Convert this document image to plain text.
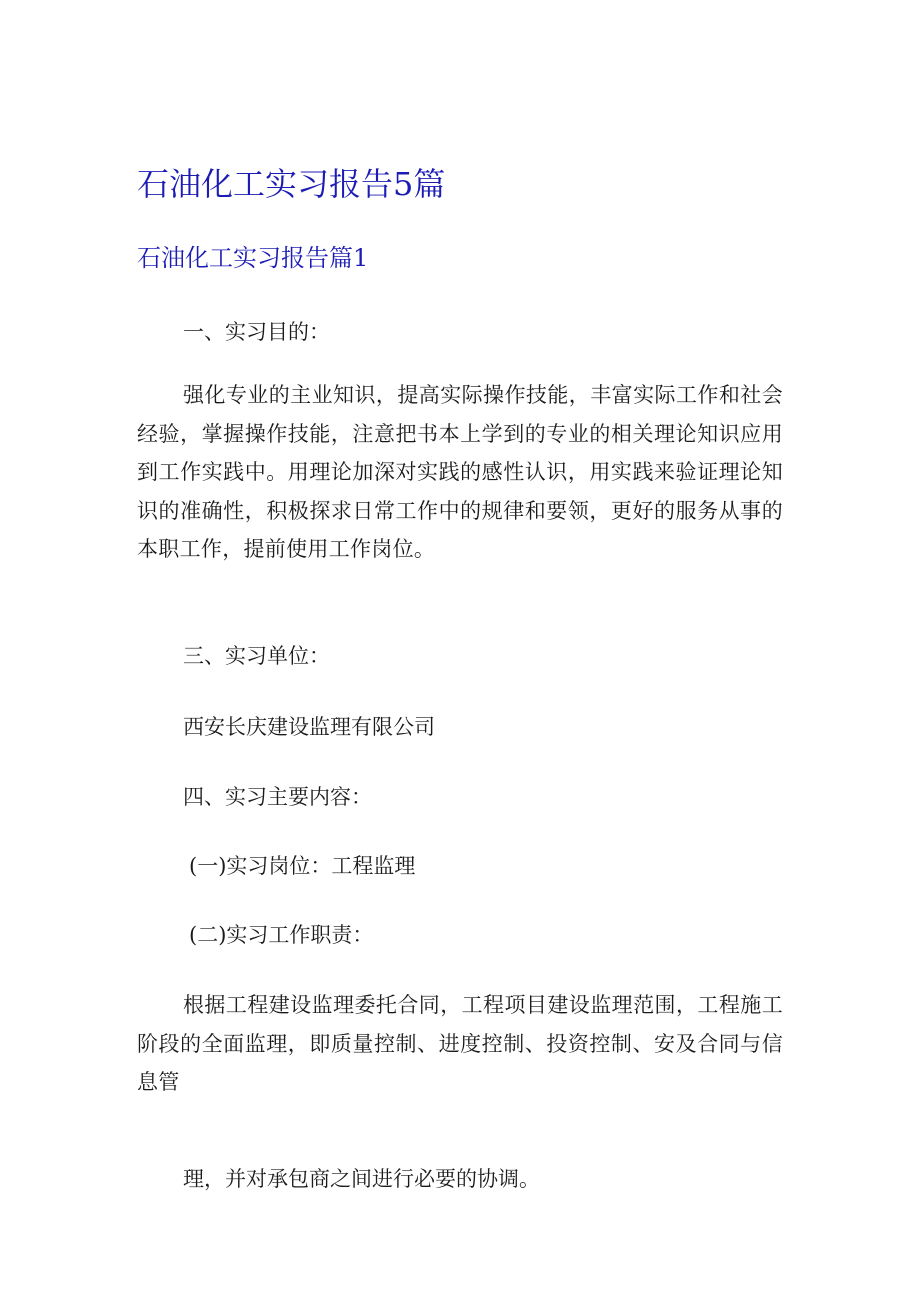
石油化工实习报告5篇
石油化工实习报告篇1
一、实习目的：
强化专业的主业知识，提高实际操作技能，丰富实际工作和社会经验，掌握操作技能，注意把书本上学到的专业的相关理论知识应用到工作实践中。用理论加深对实践的感性认识，用实践来验证理论知识的准确性，积极探求日常工作中的规律和要领，更好的服务从事的本职工作，提前使用工作岗位。
三、实习单位：
西安长庆建设监理有限公司
四、实习主要内容：
(一)实习岗位：工程监理
(二)实习工作职责：
根据工程建设监理委托合同，工程项目建设监理范围，工程施工阶段的全面监理，即质量控制、进度控制、投资控制、安及合同与信息管
理，并对承包商之间进行必要的协调。
